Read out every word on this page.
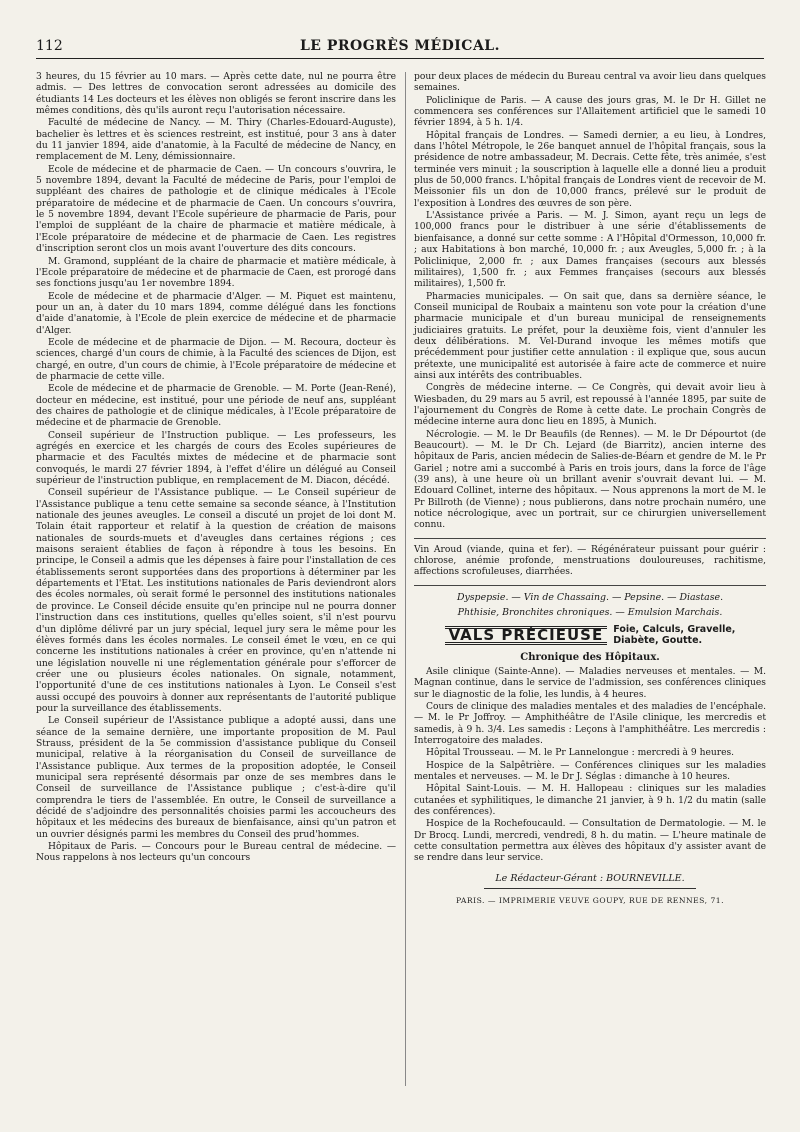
112	LE PROGRÈS MÉDICAL.

3 heures, du 15 février au 10 mars. — Après cette date, nul ne pourra être admis. — Des lettres de convocation seront adressées au domicile des étudiants 14 Les docteurs et les élèves non obligés se feront inscrire dans les mêmes conditions, dès qu'ils auront reçu l'autorisation nécessaire.

Faculté de médecine de Nancy. — M. Thiry (Charles-Edouard-Auguste), bachelier ès lettres et ès sciences restreint, est institué, pour 3 ans à dater du 11 janvier 1894, aide d'anatomie, à la Faculté de médecine de Nancy, en remplacement de M. Leny, démissionnaire.

Ecole de médecine et de pharmacie de Caen. — Un concours s'ouvrira, le 5 novembre 1894, devant la Faculté de médecine de Paris, pour l'emploi de suppléant des chaires de pathologie et de clinique médicales à l'Ecole préparatoire de médecine et de pharmacie de Caen. Un concours s'ouvrira, le 5 novembre 1894, devant l'Ecole supérieure de pharmacie de Paris, pour l'emploi de suppléant de la chaire de pharmacie et matière médicale, à l'Ecole préparatoire de médecine et de pharmacie de Caen. Les registres d'inscription seront clos un mois avant l'ouverture des dits concours.

M. Gramond, suppléant de la chaire de pharmacie et matière médicale, à l'Ecole préparatoire de médecine et de pharmacie de Caen, est prorogé dans ses fonctions jusqu'au 1er novembre 1894.

Ecole de médecine et de pharmacie d'Alger. — M. Piquet est maintenu, pour un an, à dater du 10 mars 1894, comme délégué dans les fonctions d'aide d'anatomie, à l'Ecole de plein exercice de médecine et de pharmacie d'Alger.

Ecole de médecine et de pharmacie de Dijon. — M. Recoura, docteur ès sciences, chargé d'un cours de chimie, à la Faculté des sciences de Dijon, est chargé, en outre, d'un cours de chimie, à l'Ecole préparatoire de médecine et de pharmacie de cette ville.

Ecole de médecine et de pharmacie de Grenoble. — M. Porte (Jean-René), docteur en médecine, est institué, pour une période de neuf ans, suppléant des chaires de pathologie et de clinique médicales, à l'Ecole préparatoire de médecine et de pharmacie de Grenoble.

Conseil supérieur de l'Instruction publique. — Les professeurs, les agrégés en exercice et les chargés de cours des Ecoles supérieures de pharmacie et des Facultés mixtes de médecine et de pharmacie sont convoqués, le mardi 27 février 1894, à l'effet d'élire un délégué au Conseil supérieur de l'instruction publique, en remplacement de M. Diacon, décédé.

Conseil supérieur de l'Assistance publique. — Le Conseil supérieur de l'Assistance publique a tenu cette semaine sa seconde séance, à l'Institution nationale des jeunes aveugles. Le conseil a discuté un projet de loi dont M. Tolain était rapporteur et relatif à la question de création de maisons nationales de sourds-muets et d'aveugles dans certaines régions ; ces maisons seraient établies de façon à répondre à tous les besoins. En principe, le Conseil a admis que les dépenses à faire pour l'installation de ces établissements seront supportées dans des proportions à déterminer par les départements et l'Etat. Les institutions nationales de Paris deviendront alors des écoles normales, où serait formé le personnel des institutions nationales de province. Le Conseil décide ensuite qu'en principe nul ne pourra donner l'instruction dans ces institutions, quelles qu'elles soient, s'il n'est pourvu d'un diplôme délivré par un jury spécial, lequel jury sera le même pour les élèves formés dans les écoles normales. Le conseil émet le vœu, en ce qui concerne les institutions nationales à créer en province, qu'en n'attende ni une législation nouvelle ni une réglementation générale pour s'efforcer de créer une ou plusieurs écoles nationales. On signale, notamment, l'opportunité d'une de ces institutions nationales à Lyon. Le Conseil s'est aussi occupé des pouvoirs à donner aux représentants de l'autorité publique pour la surveillance des établissements.

Le Conseil supérieur de l'Assistance publique a adopté aussi, dans une séance de la semaine dernière, une importante proposition de M. Paul Strauss, président de la 5e commission d'assistance publique du Conseil municipal, relative à la réorganisation du Conseil de surveillance de l'Assistance publique. Aux termes de la proposition adoptée, le Conseil municipal sera représenté désormais par onze de ses membres dans le Conseil de surveillance de l'Assistance publique ; c'est-à-dire qu'il comprendra le tiers de l'assemblée. En outre, le Conseil de surveillance a décidé de s'adjoindre des personnalités choisies parmi les accoucheurs des hôpitaux et les médecins des bureaux de bienfaisance, ainsi qu'un patron et un ouvrier désignés parmi les membres du Conseil des prud'hommes.

Hôpitaux de Paris. — Concours pour le Bureau central de médecine. — Nous rappelons à nos lecteurs qu'un concours

pour deux places de médecin du Bureau central va avoir lieu dans quelques semaines.

Policlinique de Paris. — A cause des jours gras, M. le Dr H. Gillet ne commencera ses conférences sur l'Allaitement artificiel que le samedi 10 février 1894, à 5 h. 1/4.

Hôpital français de Londres. — Samedi dernier, a eu lieu, à Londres, dans l'hôtel Métropole, le 26e banquet annuel de l'hôpital français, sous la présidence de notre ambassadeur, M. Decrais. Cette fête, très animée, s'est terminée vers minuit ; la souscription à laquelle elle a donné lieu a produit plus de 50,000 francs. L'hôpital français de Londres vient de recevoir de M. Meissonier fils un don de 10,000 francs, prélevé sur le produit de l'exposition à Londres des œuvres de son père.

L'Assistance privée a Paris. — M. J. Simon, ayant reçu un legs de 100,000 francs pour le distribuer à une série d'établissements de bienfaisance, a donné sur cette somme : A l'Hôpital d'Ormesson, 10,000 fr. ; aux Habitations à bon marché, 10,000 fr. ; aux Aveugles, 5,000 fr. ; à la Policlinique, 2,000 fr. ; aux Dames françaises (secours aux blessés militaires), 1,500 fr. ; aux Femmes françaises (secours aux blessés militaires), 1,500 fr.

Pharmacies municipales. — On sait que, dans sa dernière séance, le Conseil municipal de Roubaix a maintenu son vote pour la création d'une pharmacie municipale et d'un bureau municipal de renseignements judiciaires gratuits. Le préfet, pour la deuxième fois, vient d'annuler les deux délibérations. M. Vel-Durand invoque les mêmes motifs que précédemment pour justifier cette annulation : il explique que, sous aucun prétexte, une municipalité est autorisée à faire acte de commerce et nuire ainsi aux intérêts des contribuables.

Congrès de médecine interne. — Ce Congrès, qui devait avoir lieu à Wiesbaden, du 29 mars au 5 avril, est repoussé à l'année 1895, par suite de l'ajournement du Congrès de Rome à cette date. Le prochain Congrès de médecine interne aura donc lieu en 1895, à Munich.

Nécrologie. — M. le Dr Beaufils (de Rennes). — M. le Dr Dépourtot (de Beaucourt). — M. le Dr Ch. Lejard (de Biarritz), ancien interne des hôpitaux de Paris, ancien médecin de Salies-de-Béarn et gendre de M. le Pr Gariel ; notre ami a succombé à Paris en trois jours, dans la force de l'âge (39 ans), à une heure où un brillant avenir s'ouvrait devant lui. — M. Edouard Collinet, interne des hôpitaux. — Nous apprenons la mort de M. le Pr Billroth (de Vienne) ; nous publierons, dans notre prochain numéro, une notice nécrologique, avec un portrait, sur ce chirurgien universellement connu.

Vin Aroud (viande, quina et fer). — Régénérateur puissant pour guérir : chlorose, anémie profonde, menstruations douloureuses, rachitisme, affections scrofuleuses, diarrhées.

Dyspepsie. — Vin de Chassaing. — Pepsine. — Diastase.
Phthisie, Bronchites chroniques. — Emulsion Marchais.
VALS PRÉCIEUSE	Foie, Calculs, Gravelle,
Diabète, Goutte.
Chronique des Hôpitaux.

Asile clinique (Sainte-Anne). — Maladies nerveuses et mentales. — M. Magnan continue, dans le service de l'admission, ses conférences cliniques sur le diagnostic de la folie, les lundis, à 4 heures.

Cours de clinique des maladies mentales et des maladies de l'encéphale. — M. le Pr Joffroy. — Amphithéâtre de l'Asile clinique, les mercredis et samedis, à 9 h. 3/4. Les samedis : Leçons à l'amphithéâtre. Les mercredis : Interrogatoire des malades.

Hôpital Trousseau. — M. le Pr Lannelongue : mercredi à 9 heures.

Hospice de la Salpêtrière. — Conférences cliniques sur les maladies mentales et nerveuses. — M. le Dr J. Séglas : dimanche à 10 heures.

Hôpital Saint-Louis. — M. H. Hallopeau : cliniques sur les maladies cutanées et syphilitiques, le dimanche 21 janvier, à 9 h. 1/2 du matin (salle des conférences).

Hospice de la Rochefoucauld. — Consultation de Dermatologie. — M. le Dr Brocq. Lundi, mercredi, vendredi, 8 h. du matin. — L'heure matinale de cette consultation permettra aux élèves des hôpitaux d'y assister avant de se rendre dans leur service.

Le Rédacteur-Gérant : BOURNEVILLE.
PARIS. — IMPRIMERIE VEUVE GOUPY, RUE DE RENNES, 71.
